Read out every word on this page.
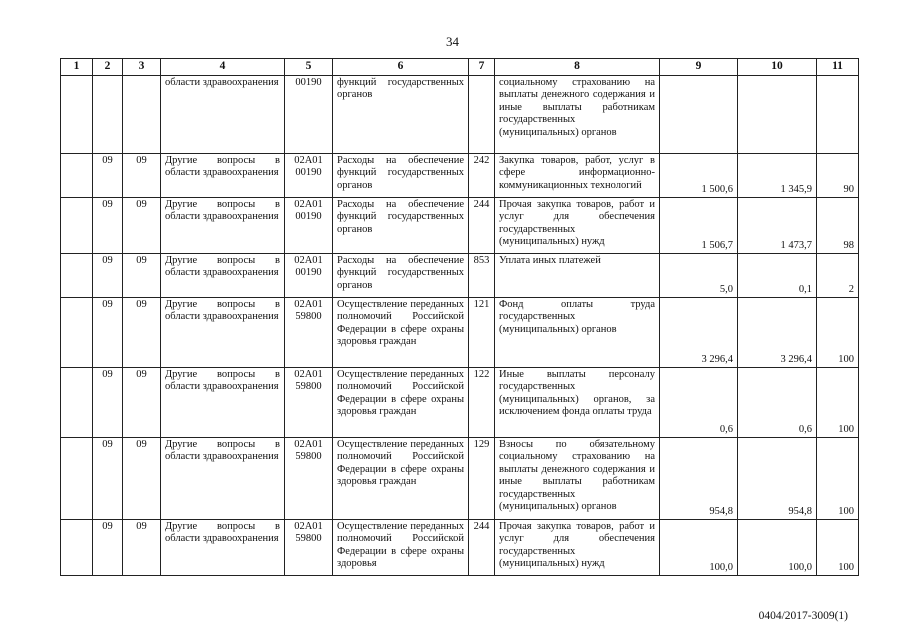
34
1	2	3	4	5	6	7	8	9	10	11
			области здравоохранения	00190	функций государственных органов		социальному страхованию на выплаты денежного содержания и иные выплаты работникам государственных (муниципальных) органов			
	09	09	Другие вопросы в области здравоохранения	02А01 00190	Расходы на обеспечение функций государственных органов	242	Закупка товаров, работ, услуг в сфере информационно-коммуникационных технологий	1 500,6	1 345,9	90
	09	09	Другие вопросы в области здравоохранения	02А01 00190	Расходы на обеспечение функций государственных органов	244	Прочая закупка товаров, работ и услуг для обеспечения государственных (муниципальных) нужд	1 506,7	1 473,7	98
	09	09	Другие вопросы в области здравоохранения	02А01 00190	Расходы на обеспечение функций государственных органов	853	Уплата иных платежей	5,0	0,1	2
	09	09	Другие вопросы в области здравоохранения	02А01 59800	Осуществление переданных полномочий Российской Федерации в сфере охраны здоровья граждан	121	Фонд оплаты труда государственных (муниципальных) органов	3 296,4	3 296,4	100
	09	09	Другие вопросы в области здравоохранения	02А01 59800	Осуществление переданных полномочий Российской Федерации в сфере охраны здоровья граждан	122	Иные выплаты персоналу государственных (муниципальных) органов, за исключением фонда оплаты труда	0,6	0,6	100
	09	09	Другие вопросы в области здравоохранения	02А01 59800	Осуществление переданных полномочий Российской Федерации в сфере охраны здоровья граждан	129	Взносы по обязательному социальному страхованию на выплаты денежного содержания и иные выплаты работникам государственных (муниципальных) органов	954,8	954,8	100
	09	09	Другие вопросы в области здравоохранения	02А01 59800	Осуществление переданных полномочий Российской Федерации в сфере охраны здоровья	244	Прочая закупка товаров, работ и услуг для обеспечения государственных (муниципальных) нужд	100,0	100,0	100
0404/2017-3009(1)
